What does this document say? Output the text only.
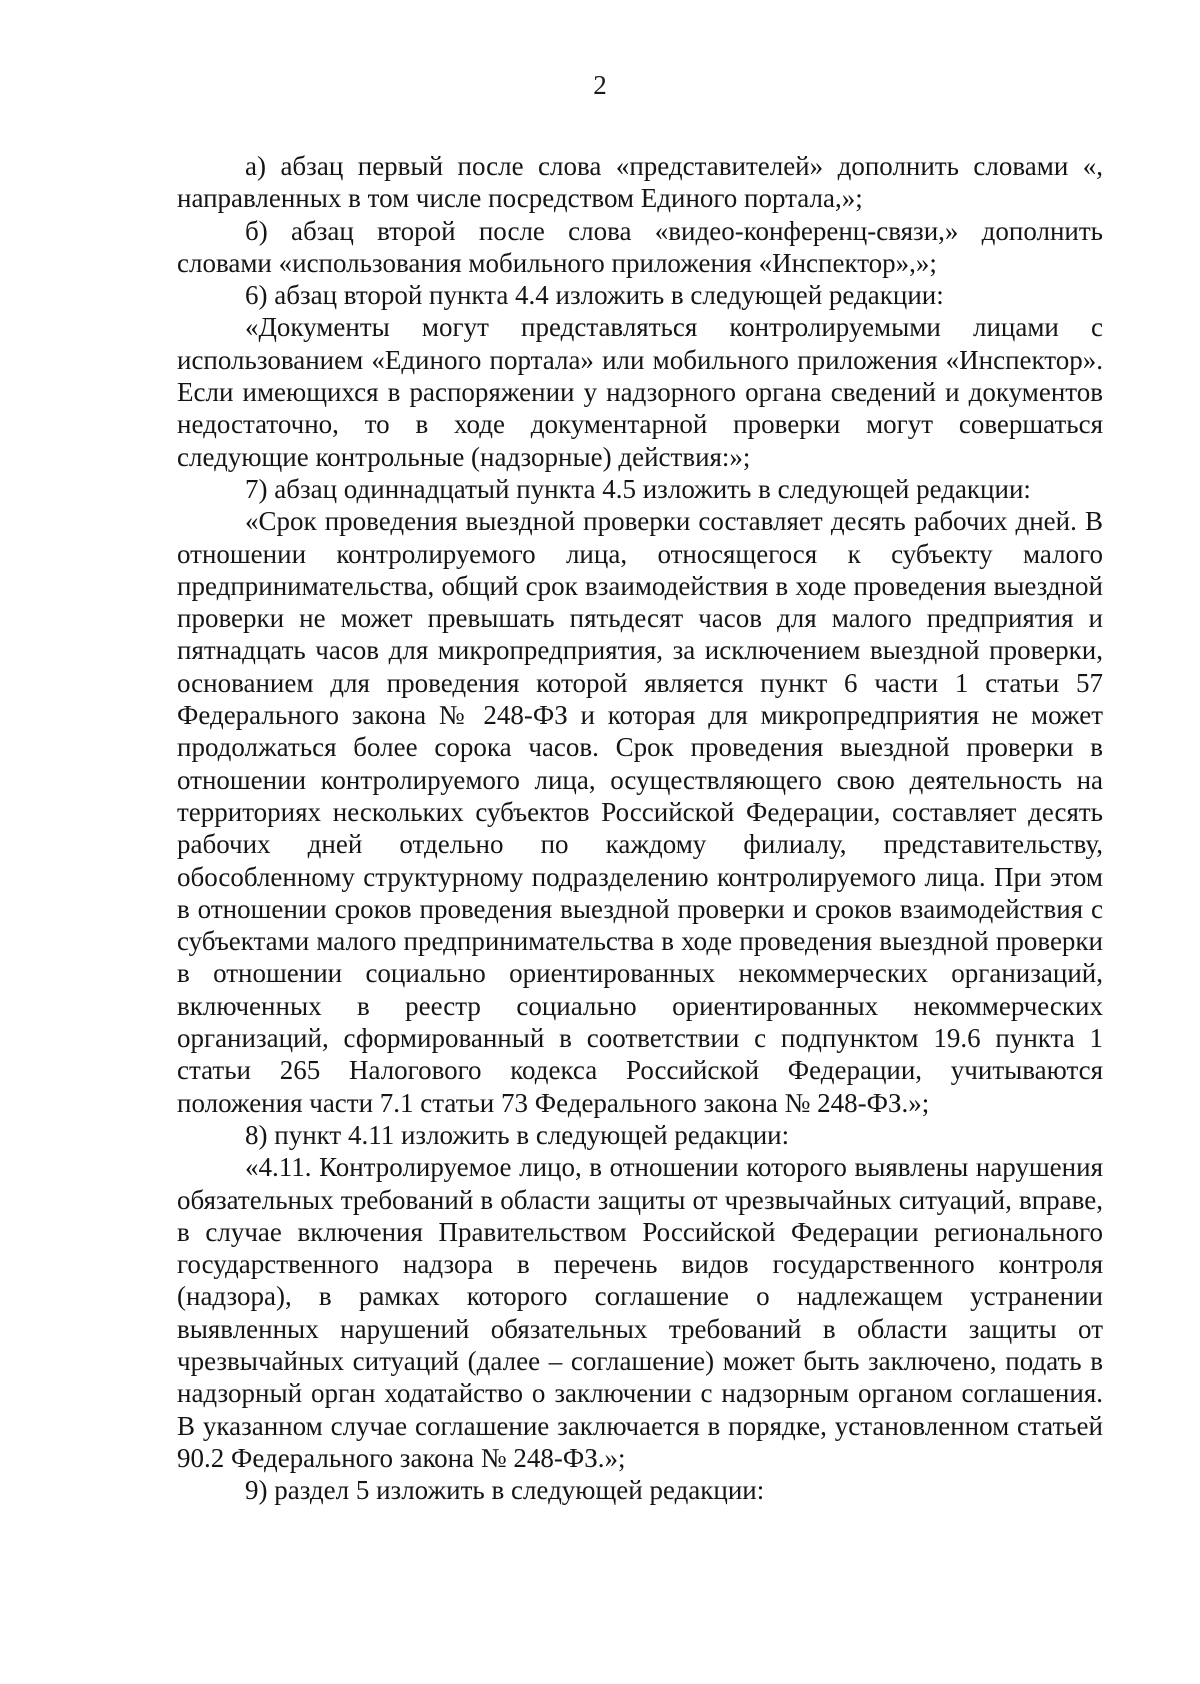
2

а) абзац первый после слова «представителей» дополнить словами «, направленных в том числе посредством Единого портала,»;

б) абзац второй после слова «видео-конференц-связи,» дополнить словами «использования мобильного приложения «Инспектор»,»;

6) абзац второй пункта 4.4 изложить в следующей редакции:

«Документы могут представляться контролируемыми лицами с использованием «Единого портала» или мобильного приложения «Инспектор». Если имеющихся в распоряжении у надзорного органа сведений и документов недостаточно, то в ходе документарной проверки могут совершаться следующие контрольные (надзорные) действия:»;

7) абзац одиннадцатый пункта 4.5 изложить в следующей редакции:

«Срок проведения выездной проверки составляет десять рабочих дней. В отношении контролируемого лица, относящегося к субъекту малого предпринимательства, общий срок взаимодействия в ходе проведения выездной проверки не может превышать пятьдесят часов для малого предприятия и пятнадцать часов для микропредприятия, за исключением выездной проверки, основанием для проведения которой является пункт 6 части 1 статьи 57 Федерального закона № 248-ФЗ и которая для микропредприятия не может продолжаться более сорока часов. Срок проведения выездной проверки в отношении контролируемого лица, осуществляющего свою деятельность на территориях нескольких субъектов Российской Федерации, составляет десять рабочих дней отдельно по каждому филиалу, представительству, обособленному структурному подразделению контролируемого лица. При этом в отношении сроков проведения выездной проверки и сроков взаимодействия с субъектами малого предпринимательства в ходе проведения выездной проверки в отношении социально ориентированных некоммерческих организаций, включенных в реестр социально ориентированных некоммерческих организаций, сформированный в соответствии с подпунктом 19.6 пункта 1 статьи 265 Налогового кодекса Российской Федерации, учитываются положения части 7.1 статьи 73 Федерального закона № 248-ФЗ.»;

8) пункт 4.11 изложить в следующей редакции:

«4.11. Контролируемое лицо, в отношении которого выявлены нарушения обязательных требований в области защиты от чрезвычайных ситуаций, вправе, в случае включения Правительством Российской Федерации регионального государственного надзора в перечень видов государственного контроля (надзора), в рамках которого соглашение о надлежащем устранении выявленных нарушений обязательных требований в области защиты от чрезвычайных ситуаций (далее – соглашение) может быть заключено, подать в надзорный орган ходатайство о заключении с надзорным органом соглашения. В указанном случае соглашение заключается в порядке, установленном статьей 90.2 Федерального закона № 248-ФЗ.»;

9) раздел 5 изложить в следующей редакции:
